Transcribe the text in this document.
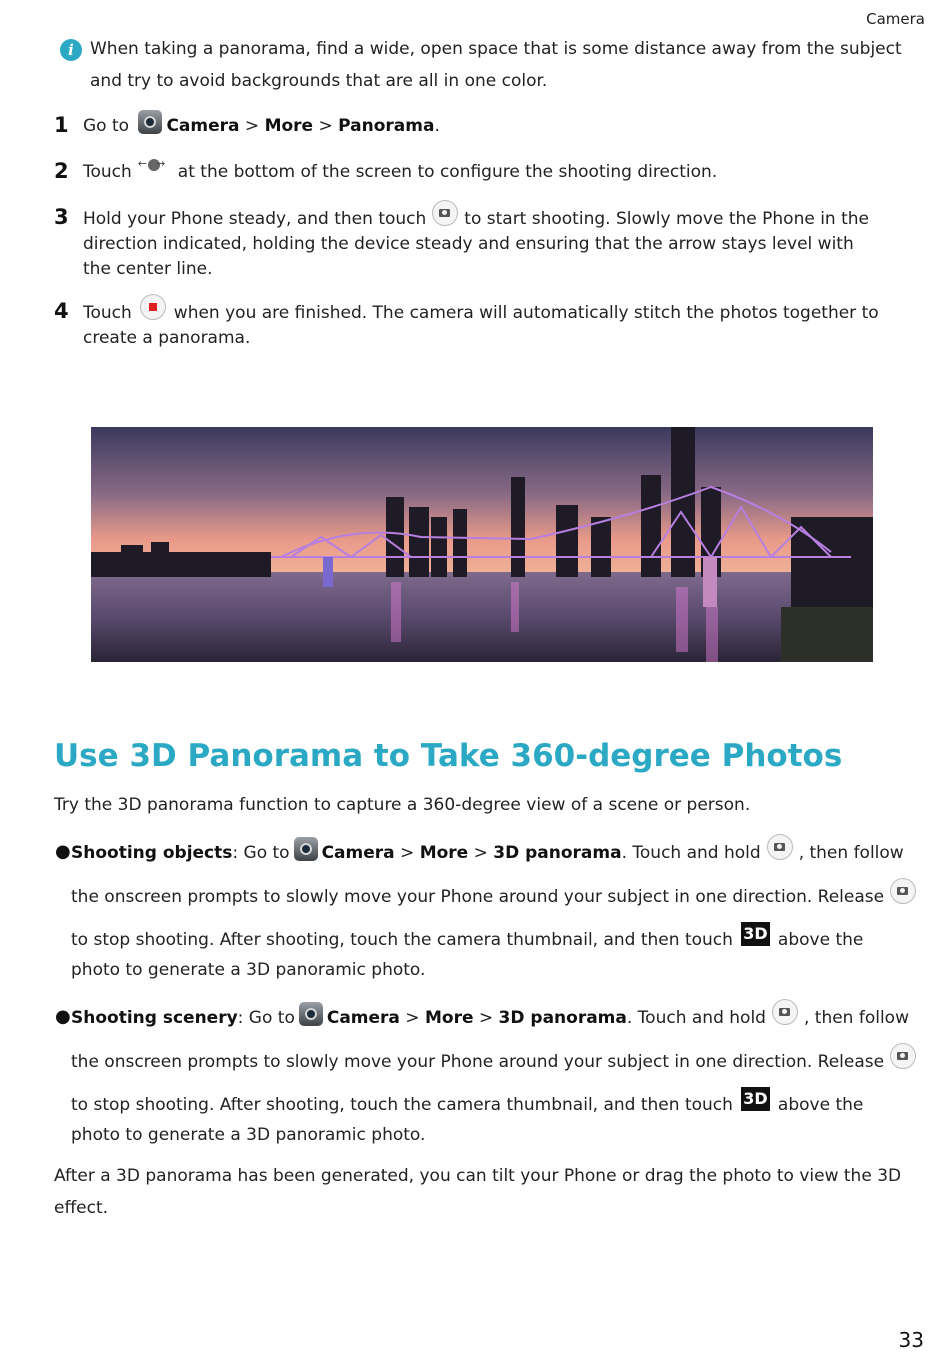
Camera
i When taking a panorama, find a wide, open space that is some distance away from the subject and try to avoid backgrounds that are all in one color.
1 Go to Camera > More > Panorama.
2 Touch←→	at the bottom of the screen to configure the shooting direction.
3 Hold your Phone steady, and then touch to start shooting. Slowly move the Phone in the direction indicated, holding the device steady and ensuring that the arrow stays level with the center line.
4 Touch when you are finished. The camera will automatically stitch the photos together to create a panorama.
Use 3D Panorama to Take 360-degree Photos
Try the 3D panorama function to capture a 360-degree view of a scene or person.
● Shooting objects: Go to Camera > More > 3D panorama. Touch and hold , then follow
the onscreen prompts to slowly move your Phone around your subject in one direction. Release
to stop shooting. After shooting, touch the camera thumbnail, and then touch 3D above the
photo to generate a 3D panoramic photo.
● Shooting scenery: Go to Camera > More > 3D panorama. Touch and hold , then follow
the onscreen prompts to slowly move your Phone around your subject in one direction. Release
to stop shooting. After shooting, touch the camera thumbnail, and then touch 3D above the
photo to generate a 3D panoramic photo.
After a 3D panorama has been generated, you can tilt your Phone or drag the photo to view the 3D effect.
33
